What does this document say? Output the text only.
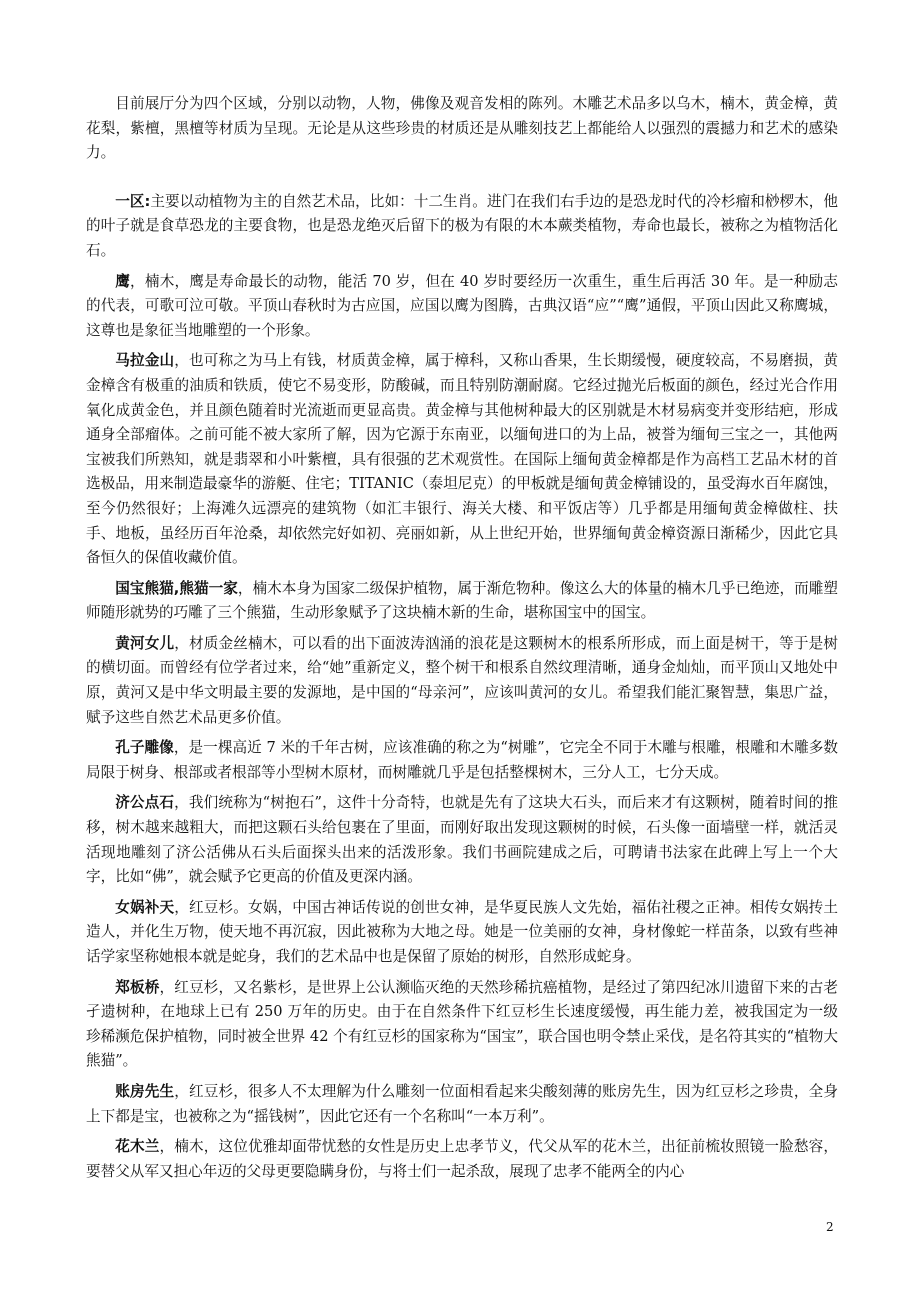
目前展厅分为四个区域，分别以动物，人物，佛像及观音发相的陈列。木雕艺术品多以乌木，楠木，黄金樟，黄花梨，紫檀，黑檀等材质为呈现。无论是从这些珍贵的材质还是从雕刻技艺上都能给人以强烈的震撼力和艺术的感染力。

一区:主要以动植物为主的自然艺术品，比如：十二生肖。进门在我们右手边的是恐龙时代的冷杉瘤和桫椤木，他的叶子就是食草恐龙的主要食物，也是恐龙绝灭后留下的极为有限的木本蕨类植物，寿命也最长，被称之为植物活化石。

鹰，楠木，鹰是寿命最长的动物，能活 70 岁，但在 40 岁时要经历一次重生，重生后再活 30 年。是一种励志的代表，可歌可泣可敬。平顶山春秋时为古应国，应国以鹰为图腾，古典汉语“应”“鹰”通假，平顶山因此又称鹰城，这尊也是象征当地雕塑的一个形象。

马拉金山，也可称之为马上有钱，材质黄金樟，属于樟科，又称山香果，生长期缓慢，硬度较高，不易磨损，黄金樟含有极重的油质和铁质，使它不易变形，防酸碱，而且特别防潮耐腐。它经过抛光后板面的颜色，经过光合作用氧化成黄金色，并且颜色随着时光流逝而更显高贵。黄金樟与其他树种最大的区别就是木材易病变并变形结疤，形成通身全部瘤体。之前可能不被大家所了解，因为它源于东南亚，以缅甸进口的为上品，被誉为缅甸三宝之一，其他两宝被我们所熟知，就是翡翠和小叶紫檀，具有很强的艺术观赏性。在国际上缅甸黄金樟都是作为高档工艺品木材的首选极品，用来制造最豪华的游艇、住宅；TITANIC（泰坦尼克）的甲板就是缅甸黄金樟铺设的，虽受海水百年腐蚀，至今仍然很好；上海滩久远漂亮的建筑物（如汇丰银行、海关大楼、和平饭店等）几乎都是用缅甸黄金樟做柱、扶手、地板，虽经历百年沧桑，却依然完好如初、亮丽如新，从上世纪开始，世界缅甸黄金樟资源日渐稀少，因此它具备恒久的保值收藏价值。

国宝熊猫,熊猫一家，楠木本身为国家二级保护植物，属于渐危物种。像这么大的体量的楠木几乎已绝迹，而雕塑师随形就势的巧雕了三个熊猫，生动形象赋予了这块楠木新的生命，堪称国宝中的国宝。

黄河女儿，材质金丝楠木，可以看的出下面波涛汹涌的浪花是这颗树木的根系所形成，而上面是树干，等于是树的横切面。而曾经有位学者过来，给“她”重新定义，整个树干和根系自然纹理清晰，通身金灿灿，而平顶山又地处中原，黄河又是中华文明最主要的发源地，是中国的“母亲河”，应该叫黄河的女儿。希望我们能汇聚智慧，集思广益，赋予这些自然艺术品更多价值。

孔子雕像，是一棵高近 7 米的千年古树，应该准确的称之为“树雕”，它完全不同于木雕与根雕，根雕和木雕多数局限于树身、根部或者根部等小型树木原材，而树雕就几乎是包括整棵树木，三分人工，七分天成。

济公点石，我们统称为“树抱石”，这件十分奇特，也就是先有了这块大石头，而后来才有这颗树，随着时间的推移，树木越来越粗大，而把这颗石头给包裹在了里面，而刚好取出发现这颗树的时候，石头像一面墙壁一样，就活灵活现地雕刻了济公活佛从石头后面探头出来的活泼形象。我们书画院建成之后，可聘请书法家在此碑上写上一个大字，比如“佛”，就会赋予它更高的价值及更深内涵。

女娲补天，红豆杉。女娲，中国古神话传说的创世女神，是华夏民族人文先始，福佑社稷之正神。相传女娲抟土造人，并化生万物，使天地不再沉寂，因此被称为大地之母。她是一位美丽的女神，身材像蛇一样苗条，以致有些神话学家坚称她根本就是蛇身，我们的艺术品中也是保留了原始的树形，自然形成蛇身。

郑板桥，红豆杉，又名紫杉，是世界上公认濒临灭绝的天然珍稀抗癌植物，是经过了第四纪冰川遗留下来的古老孑遗树种，在地球上已有 250 万年的历史。由于在自然条件下红豆杉生长速度缓慢，再生能力差，被我国定为一级珍稀濒危保护植物，同时被全世界 42 个有红豆杉的国家称为“国宝”，联合国也明令禁止采伐，是名符其实的“植物大熊猫”。

账房先生，红豆杉，很多人不太理解为什么雕刻一位面相看起来尖酸刻薄的账房先生，因为红豆杉之珍贵，全身上下都是宝，也被称之为“摇钱树”，因此它还有一个名称叫“一本万利”。

花木兰，楠木，这位优雅却面带忧愁的女性是历史上忠孝节义，代父从军的花木兰，出征前梳妆照镜一脸愁容，要替父从军又担心年迈的父母更要隐瞒身份，与将士们一起杀敌，展现了忠孝不能两全的内心

2
